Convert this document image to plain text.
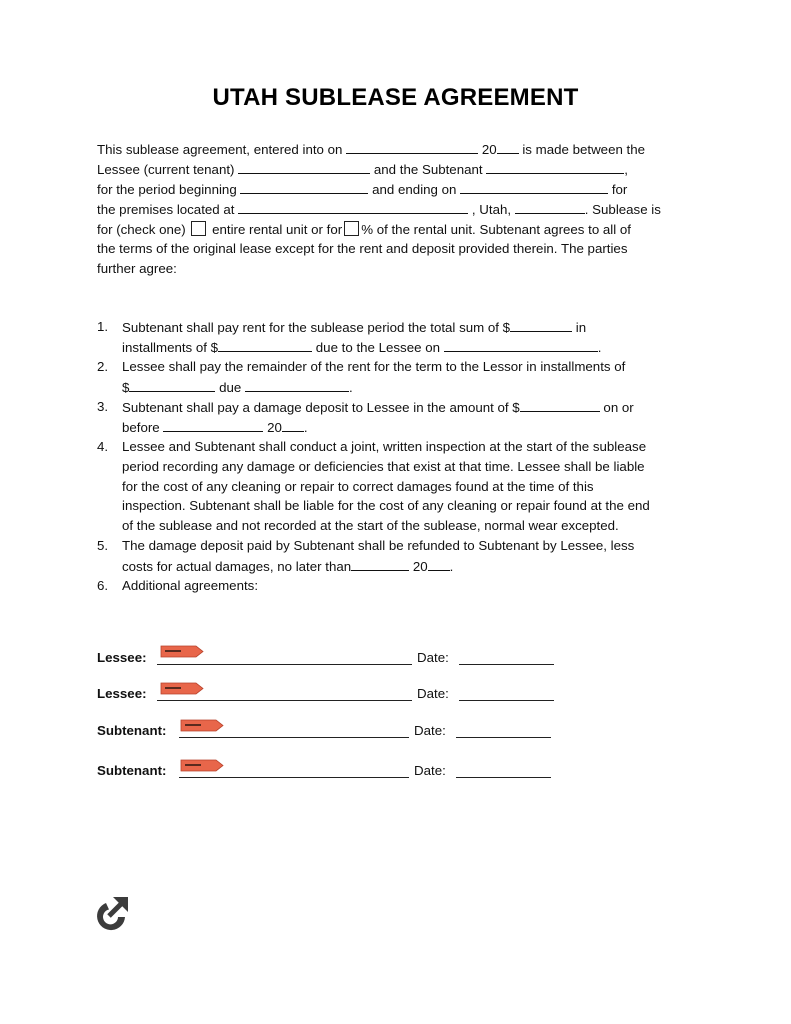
UTAH SUBLEASE AGREEMENT
This sublease agreement, entered into on	20 is made between the
Lessee (current tenant)	and the Subtenant	,
for the period beginning	and ending on	for
the premises located at	, Utah,	. Sublease is
for (check one) entire rental unit or for % of the rental unit. Subtenant agrees to all of
the terms of the original lease except for the rent and deposit provided therein. The parties
further agree:
1. Subtenant shall pay rent for the sublease period the total sum of $	in
installments of $	due to the Lessee on	.
2. Lessee shall pay the remainder of the rent for the term to the Lessor in installments of
$	due	.
3. Subtenant shall pay a damage deposit to Lessee in the amount of $	on or
before	20 .
4. Lessee and Subtenant shall conduct a joint, written inspection at the start of the sublease
period recording any damage or deficiencies that exist at that time. Lessee shall be liable
for the cost of any cleaning or repair to correct damages found at the time of this
inspection. Subtenant shall be liable for the cost of any cleaning or repair found at the end
of the sublease and not recorded at the start of the sublease, normal wear excepted.
5. The damage deposit paid by Subtenant shall be refunded to Subtenant by Lessee, less
costs for actual damages, no later than	20 .
6. Additional agreements:
Lessee:	Date:
Lessee:	Date:
Subtenant:	Date:
Subtenant:	Date:
